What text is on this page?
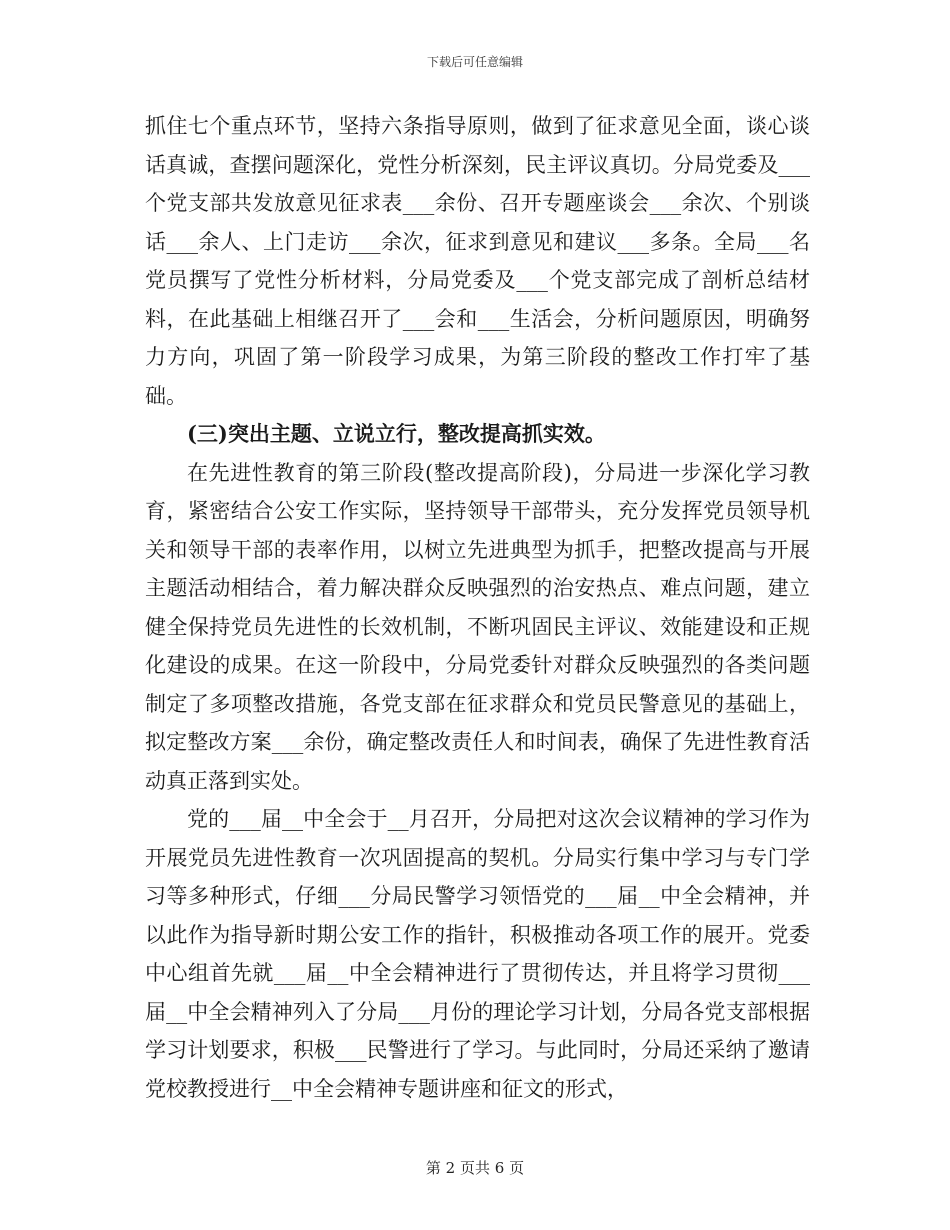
下载后可任意编辑

抓住七个重点环节，坚持六条指导原则，做到了征求意见全面，谈心谈话真诚，查摆问题深化，党性分析深刻，民主评议真切。分局党委及___个党支部共发放意见征求表___余份、召开专题座谈会___余次、个别谈话___余人、上门走访___余次，征求到意见和建议___多条。全局___名党员撰写了党性分析材料，分局党委及___个党支部完成了剖析总结材料，在此基础上相继召开了___会和___生活会，分析问题原因，明确努力方向，巩固了第一阶段学习成果，为第三阶段的整改工作打牢了基础。

(三)突出主题、立说立行，整改提高抓实效。

在先进性教育的第三阶段(整改提高阶段)，分局进一步深化学习教育，紧密结合公安工作实际，坚持领导干部带头，充分发挥党员领导机关和领导干部的表率作用，以树立先进典型为抓手，把整改提高与开展主题活动相结合，着力解决群众反映强烈的治安热点、难点问题，建立健全保持党员先进性的长效机制，不断巩固民主评议、效能建设和正规化建设的成果。在这一阶段中，分局党委针对群众反映强烈的各类问题制定了多项整改措施，各党支部在征求群众和党员民警意见的基础上，拟定整改方案___余份，确定整改责任人和时间表，确保了先进性教育活动真正落到实处。

党的___届__中全会于__月召开，分局把对这次会议精神的学习作为开展党员先进性教育一次巩固提高的契机。分局实行集中学习与专门学习等多种形式，仔细___分局民警学习领悟党的___届__中全会精神，并以此作为指导新时期公安工作的指针，积极推动各项工作的展开。党委中心组首先就___届__中全会精神进行了贯彻传达，并且将学习贯彻___届__中全会精神列入了分局___月份的理论学习计划，分局各党支部根据学习计划要求，积极___民警进行了学习。与此同时，分局还采纳了邀请党校教授进行__中全会精神专题讲座和征文的形式，

第 2 页共 6 页
